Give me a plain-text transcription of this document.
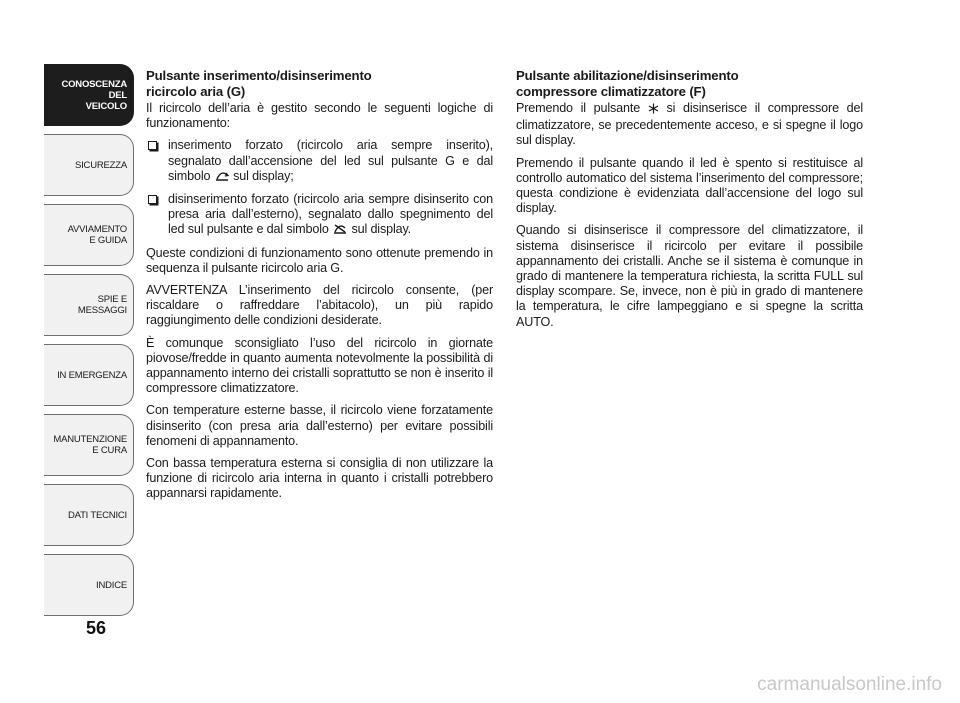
CONOSCENZA
DEL
VEICOLO
SICUREZZA
AVVIAMENTO
E GUIDA
SPIE E
MESSAGGI
IN EMERGENZA
MANUTENZIONE
E CURA
DATI TECNICI
INDICE
56
Pulsante inserimento/disinserimento
ricircolo aria (G)

Il ricircolo dell’aria è gestito secondo le seguenti logiche di funzionamento:

inserimento forzato (ricircolo aria sempre inserito), segnalato dall’accensione del led sul pulsante G e dal simbolo sul display;
disinserimento forzato (ricircolo aria sempre disinserito con presa aria dall’esterno), segnalato dallo spegnimento del led sul pulsante e dal simbolo sul display.

Queste condizioni di funzionamento sono ottenute premendo in sequenza il pulsante ricircolo aria G.

AVVERTENZA L’inserimento del ricircolo consente, (per riscaldare o raffreddare l’abitacolo), un più rapido raggiungimento delle condizioni desiderate.

È comunque sconsigliato l’uso del ricircolo in giornate piovose/fredde in quanto aumenta notevolmente la possibilità di appannamento interno dei cristalli soprattutto se non è inserito il compressore climatizzatore.

Con temperature esterne basse, il ricircolo viene forzatamente disinserito (con presa aria dall’esterno) per evitare possibili fenomeni di appannamento.

Con bassa temperatura esterna si consiglia di non utilizzare la funzione di ricircolo aria interna in quanto i cristalli potrebbero appannarsi rapidamente.

Pulsante abilitazione/disinserimento
compressore climatizzatore (F)

Premendo il pulsante si disinserisce il compressore del climatizzatore, se precedentemente acceso, e si spegne il logo sul display.

Premendo il pulsante quando il led è spento si restituisce al controllo automatico del sistema l’inserimento del compressore; questa condizione è evidenziata dall’accensione del logo sul display.

Quando si disinserisce il compressore del climatizzatore, il sistema disinserisce il ricircolo per evitare il possibile appannamento dei cristalli. Anche se il sistema è comunque in grado di mantenere la temperatura richiesta, la scritta FULL sul display scompare. Se, invece, non è più in grado di mantenere la temperatura, le cifre lampeggiano e si spegne la scritta AUTO.

carmanualsonline.info
